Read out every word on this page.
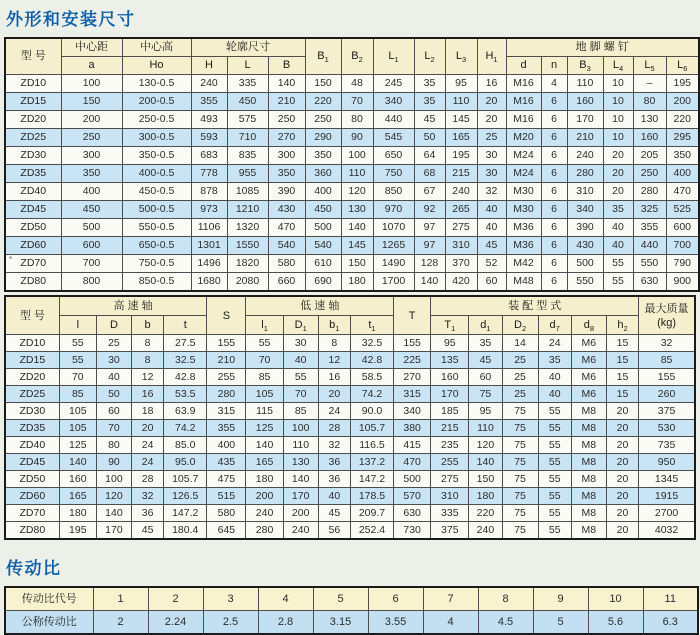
外形和安装尺寸
型 号	中心距	中心高	轮廓尺寸			$B_1$	$B_2$	$L_1$	$L_2$	$L_3$	$H_1$	地 脚 螺 钉					
	a	Ho	H	L	B							d	n	$B_3$	$L_4$	$L_5$	$L_6$
ZD10	100	130-0.5	240	335	140	150	48	245	35	95	16	M16	4	110	10	–	195
ZD15	150	200-0.5	355	450	210	220	70	340	35	110	20	M16	6	160	10	80	200
ZD20	200	250-0.5	493	575	250	250	80	440	45	145	20	M16	6	170	10	130	220
ZD25	250	300-0.5	593	710	270	290	90	545	50	165	25	M20	6	210	10	160	295
ZD30	300	350-0.5	683	835	300	350	100	650	64	195	30	M24	6	240	20	205	350
ZD35	350	400-0.5	778	955	350	360	110	750	68	215	30	M24	6	280	20	250	400
ZD40	400	450-0.5	878	1085	390	400	120	850	67	240	32	M30	6	310	20	280	470
ZD45	450	500-0.5	973	1210	430	450	130	970	92	265	40	M30	6	340	35	325	525
ZD50	500	550-0.5	1106	1320	470	500	140	1070	97	275	40	M36	6	390	40	355	600
ZD60	600	650-0.5	1301	1550	540	540	145	1265	97	310	45	M36	6	430	40	440	700

* ZD70	700	750-0.5	1496	1820	580	610	150	1490	128	370	52	M42	6	500	55	550	790
ZD80	800	850-0.5	1680	2080	660	690	180	1700	140	420	60	M48	6	550	55	630	900
型 号	高 速 轴				S	低 速 轴				T	装 配 型 式						最大质量
(kg)
	l	D	b	t		$l_1$	$D_1$	$b_1$	$t_1$		$T_1$	$d_1$	$D_2$	$d_7$	$d_8$	$h_2$
ZD10	55	25	8	27.5	155	55	30	8	32.5	155	95	35	14	24	M6	15	32
ZD15	55	30	8	32.5	210	70	40	12	42.8	225	135	45	25	35	M6	15	85
ZD20	70	40	12	42.8	255	85	55	16	58.5	270	160	60	25	40	M6	15	155
ZD25	85	50	16	53.5	280	105	70	20	74.2	315	170	75	25	40	M6	15	260
ZD30	105	60	18	63.9	315	115	85	24	90.0	340	185	95	75	55	M8	20	375
ZD35	105	70	20	74.2	355	125	100	28	105.7	380	215	110	75	55	M8	20	530
ZD40	125	80	24	85.0	400	140	110	32	116.5	415	235	120	75	55	M8	20	735
ZD45	140	90	24	95.0	435	165	130	36	137.2	470	255	140	75	55	M8	20	950
ZD50	160	100	28	105.7	475	180	140	36	147.2	500	275	150	75	55	M8	20	1345
ZD60	165	120	32	126.5	515	200	170	40	178.5	570	310	180	75	55	M8	20	1915
ZD70	180	140	36	147.2	580	240	200	45	209.7	630	335	220	75	55	M8	20	2700
ZD80	195	170	45	180.4	645	280	240	56	252.4	730	375	240	75	55	M8	20	4032
传动比
传动比代号	1	2	3	4	5	6	7	8	9	10	11
公称传动比	2	2.24	2.5	2.8	3.15	3.55	4	4.5	5	5.6	6.3
